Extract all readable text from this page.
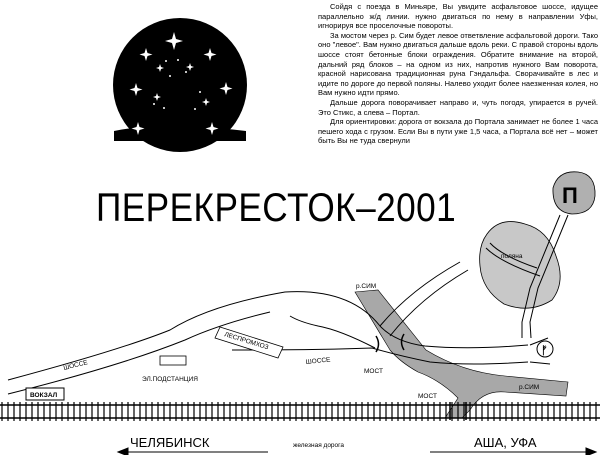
П
поляна
р.СИМ
р.СИМ
ᚠ
ШОССЕ	ШОССЕ
ЛЕСПРОМХОЗ
ЭЛ.ПОДСТАНЦИЯ
ВОКЗАЛ
МОСТ
МОСТ
ЧЕЛЯБИНСК	железная дорога	АША, УФА

Сойдя с поезда в Миньяре, Вы увидите асфальтовое шоссе, идущее параллельно ж/д линии. нужно двигаться по нему в направлении Уфы, игнорируя все проселочные повороты.

За мостом через р. Сим будет левое ответвление асфальтовой дороги. Тако оно "левое". Вам нужно двигаться дальше вдоль реки. С правой стороны вдоль шоссе стоят бетонные блоки ограждения. Обратите внимание на второй, дальний ряд блоков – на одном из них, напротив нужного Вам поворота, красной нарисована традиционная руна Гэндальфа. Сворачивайте в лес и идите по дороге до первой поляны. Налево уходит более наезженная колея, но Вам нужно идти прямо.

Дальше дорога поворачивает направо и, чуть погодя, упирается в ручей. Это Стикс, а слева – Портал.

Для ориентировки: дорога от вокзала до Портала занимает не более 1 часа пешего хода с грузом. Если Вы в пути уже 1,5 часа, а Портала всё нет – может быть Вы не туда свернули

ПЕРЕКРЕСТОК–2001
